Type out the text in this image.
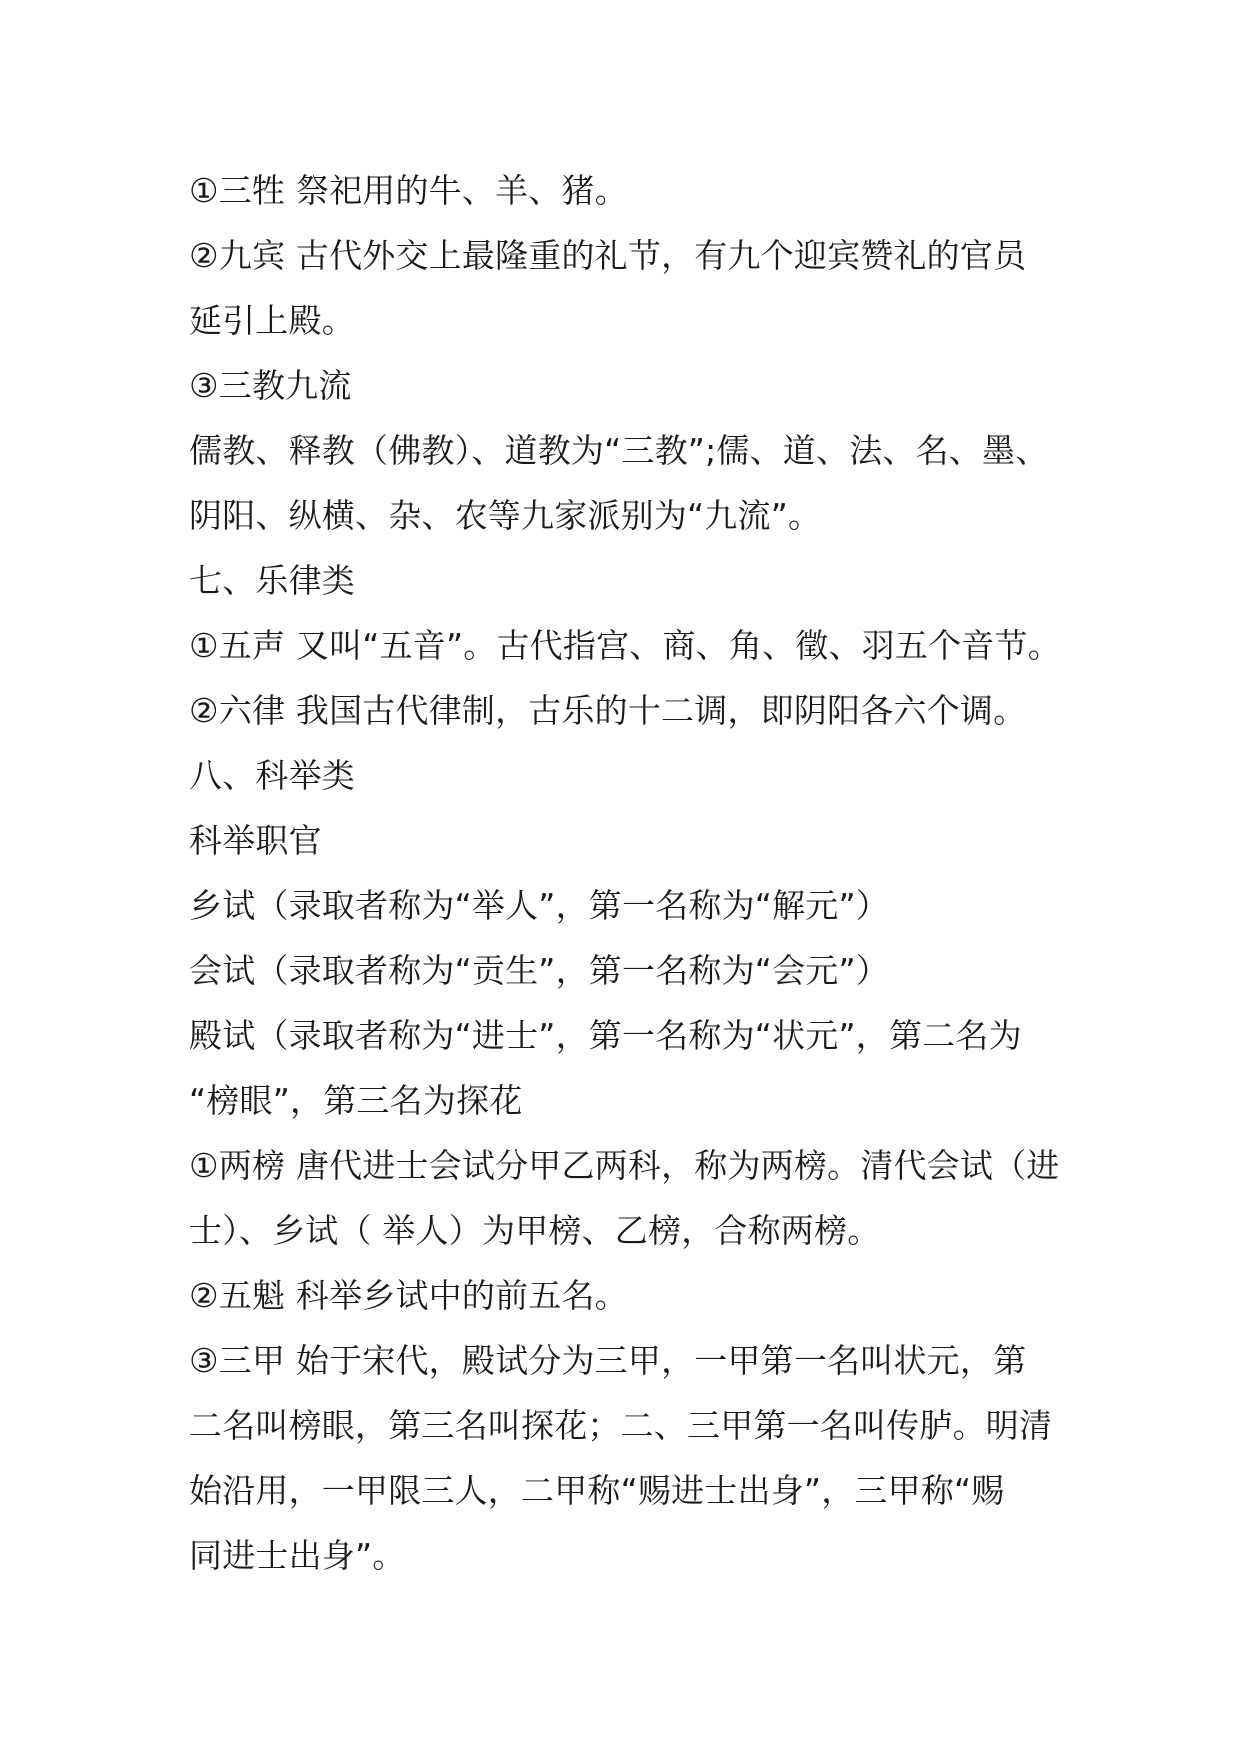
①三牲 祭祀用的牛、羊、猪。
②九宾 古代外交上最隆重的礼节，有九个迎宾赞礼的官员
延引上殿。
③三教九流
儒教、释教（佛教）、道教为“三教”;儒、道、法、名、墨、
阴阳、纵横、杂、农等九家派别为“九流”。
七、乐律类
①五声 又叫“五音”。古代指宫、商、角、徵、羽五个音节。
②六律 我国古代律制，古乐的十二调，即阴阳各六个调。
八、科举类
科举职官
乡试（录取者称为“举人”，第一名称为“解元”）
会试（录取者称为“贡生”，第一名称为“会元”）
殿试（录取者称为“进士”，第一名称为“状元”，第二名为
“榜眼”，第三名为探花
①两榜 唐代进士会试分甲乙两科，称为两榜。清代会试（进
士）、乡试（ 举人）为甲榜、乙榜，合称两榜。
②五魁 科举乡试中的前五名。
③三甲 始于宋代，殿试分为三甲，一甲第一名叫状元，第
二名叫榜眼，第三名叫探花；二、三甲第一名叫传胪。明清
始沿用，一甲限三人，二甲称“赐进士出身”，三甲称“赐
同进士出身”。
